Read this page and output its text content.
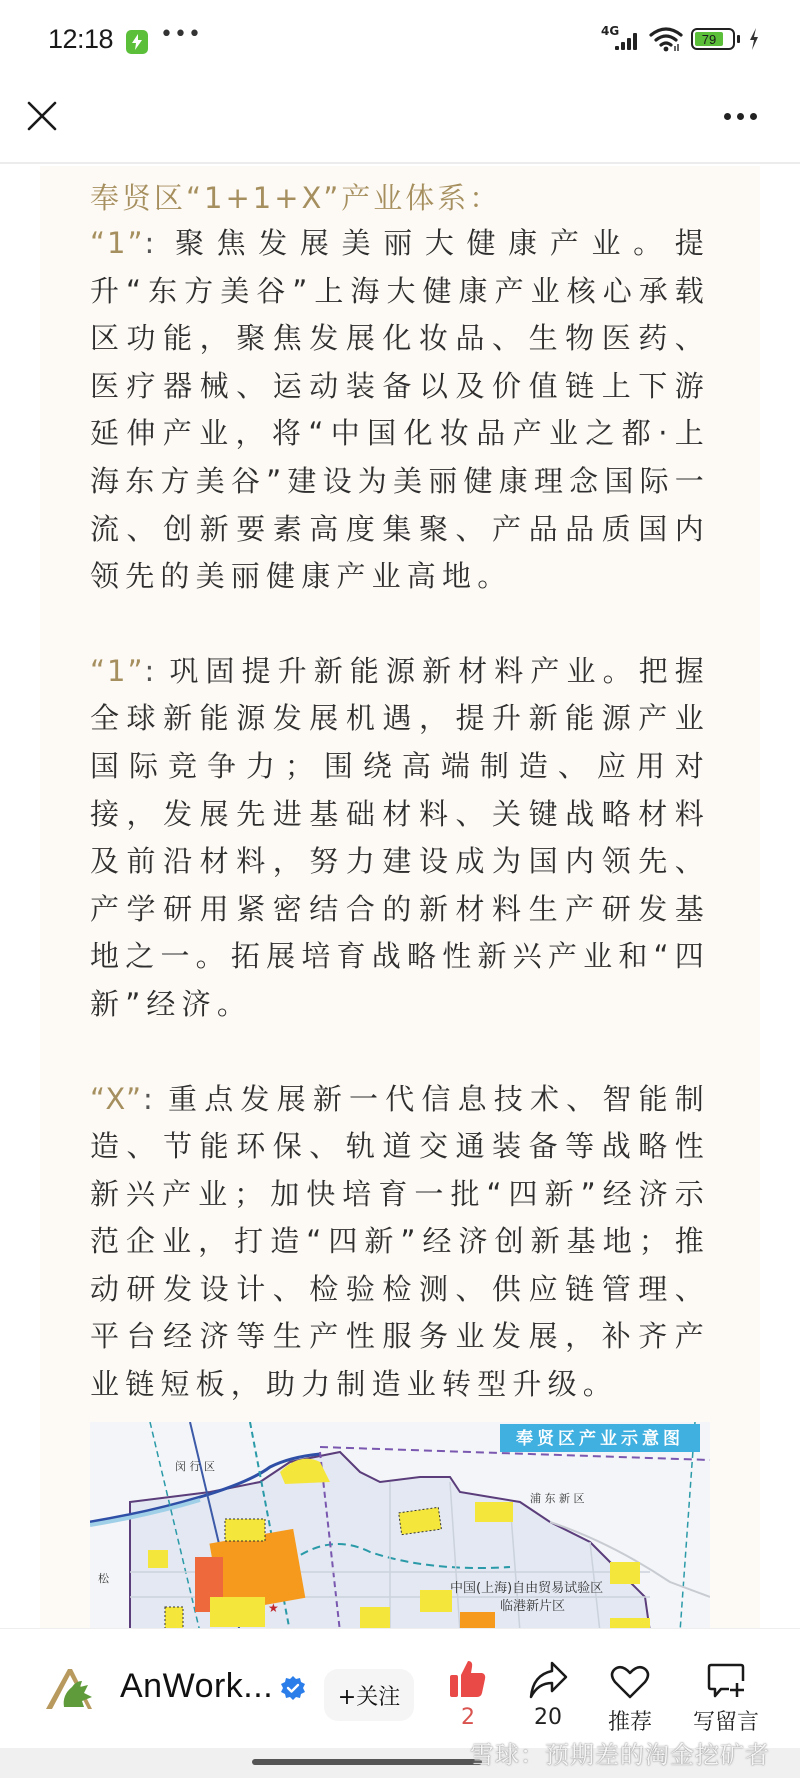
12:18 •••	4G
79
奉贤区“1+1+X”产业体系：

“1”: 聚焦发展美丽大健康产业。提升“东方美谷”上海大健康产业核心承载区功能，聚焦发展化妆品、生物医药、医疗器械、运动装备以及价值链上下游延伸产业，将“中国化妆品产业之都·上海东方美谷”建设为美丽健康理念国际一流、创新要素高度集聚、产品品质国内领先的美丽健康产业高地。

“1”: 巩固提升新能源新材料产业。把握全球新能源发展机遇，提升新能源产业国际竞争力；围绕高端制造、应用对接，发展先进基础材料、关键战略材料及前沿材料，努力建设成为国内领先、产学研用紧密结合的新材料生产研发基地之一。拓展培育战略性新兴产业和“四新”经济。

“X”: 重点发展新一代信息技术、智能制造、节能环保、轨道交通装备等战略性新兴产业；加快培育一批“四新”经济示范企业，打造“四新”经济创新基地；推动研发设计、检验检测、供应链管理、平台经济等生产性服务业发展，补齐产业链短板，助力制造业转型升级。

奉贤区产业示意图
闵 行 区
浦 东 新 区
松
中国(上海)自由贸易试验区
临港新片区
★
AnWork...	+关注
2	20	推荐	写留言
雪球：预期差的淘金挖矿者
